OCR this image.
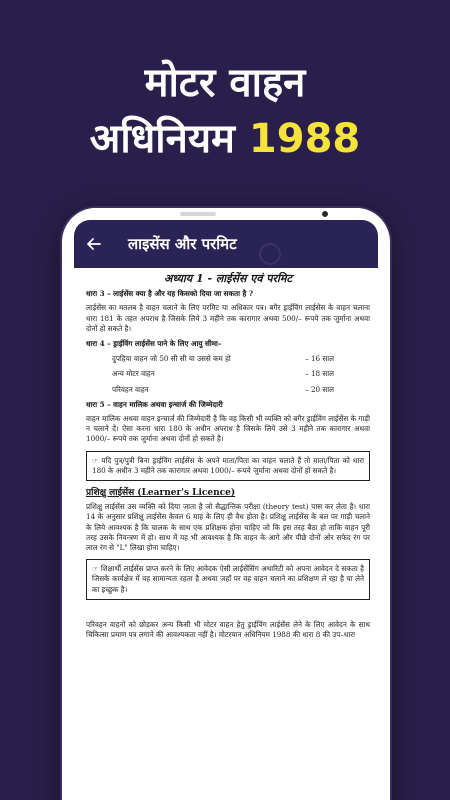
मोटर वाहन
अधिनियम 1988
लाइसेंस और परमिट
अध्याय 1 - लाईसेंस एवं परमिट
धारा 3 – लाईसेंस क्या है और यह किसको दिया जा सकता है ?

लाईसेंस का मतलब है वाहन चलाने के लिए परमिट या अधिकार पत्र। बगैर ड्राईविंग लाईसेंस के वाहन चलाना धारा 181 के तहत अपराध है जिसके लिये 3 महीने तक कारागार अथवा 500/– रूपये तक जुर्माना अथवा दोनों हो सकते है।

धारा 4 – ड्राईविंग लाईसेंस पाने के लिए आयु सीमा–
दुपहिया वाहन जो 50 सी सी या उससे कम हो	– 16 साल
अन्य मोटर वाहन	– 18 साल
परिवहन वाहन	– 20 साल
धारा 5 – वाहन मालिक अथवा इन्चार्ज की जिम्मेदारी

वाहन मालिक अथवा वाहन इन्चार्ज की जिम्मेदारी है कि वह किसी भी व्यक्ति को बगैर ड्राईविंग लाईसेंस के गाड़ी न चलाने दें। ऐसा करना धारा 180 के अधीन अपराध है जिसके लिये उसे 3 महीने तक कारागार अथवा 1000/– रूपये तक जुर्माना अथवा दोनों हो सकते है।

☞ यदि पुत्र/पुत्री बिना ड्राईविंग लाईसेंस के अपने माता/पिता का वाहन चलाते हैं तो माता/पिता को धारा 180 के अधीन 3 महीने तक कारागार अथवा 1000/– रूपये जुर्माना अथवा दोनों हो सकते है।
प्रशिक्षु लाईसेंस (Learner's Licence)

प्रशिक्षु लाईसेंस उस व्यक्ति को दिया जाता है जो सैद्धान्तिक परीक्षा (theory test) पास कर लेता है। धारा 14 के अनुसार प्रशिक्षु लाईसेंस केवल 6 माह के लिए ही वैध होता है। प्रशिक्षु लाईसेंस के बल पर गाड़ी चलाने के लिये आवश्यक है कि चालक के साथ एक प्रशिक्षक होना चाहिए जो कि इस तरह बैठा हो ताकि वाहन पूरी तरह उसके नियन्त्रण में हो। साथ में यह भी आवश्यक है कि वाहन के आगे और पीछे दोनों ओर सफेद रंग पर लाल रंग से "L" लिखा होना चाहिए।

☞ शिक्षार्थी लाईसेंस प्राप्त करने के लिए आवेदक ऐसी लाईसेंसिंग अथारिटी को अपना आवेदन दे सकता है जिसके कार्यक्षेत्र में वह सामान्यतः रहता है अथवा जहाँ पर वह वाहन चलाने का प्रशिक्षण ले रहा है या लेने का इच्छुक है।

परिवहन वाहनों को छोड़कर अन्य किसी भी मोटर वाहन हेतु ड्राईविंग लाईसेंस लेने के लिए आवेदन के साथ चिकित्सा प्रमाण पत्र लगाने की आवश्यकता नहीं है। मोटरयान अधिनियम 1988 की धारा 8 की उप–धारा
